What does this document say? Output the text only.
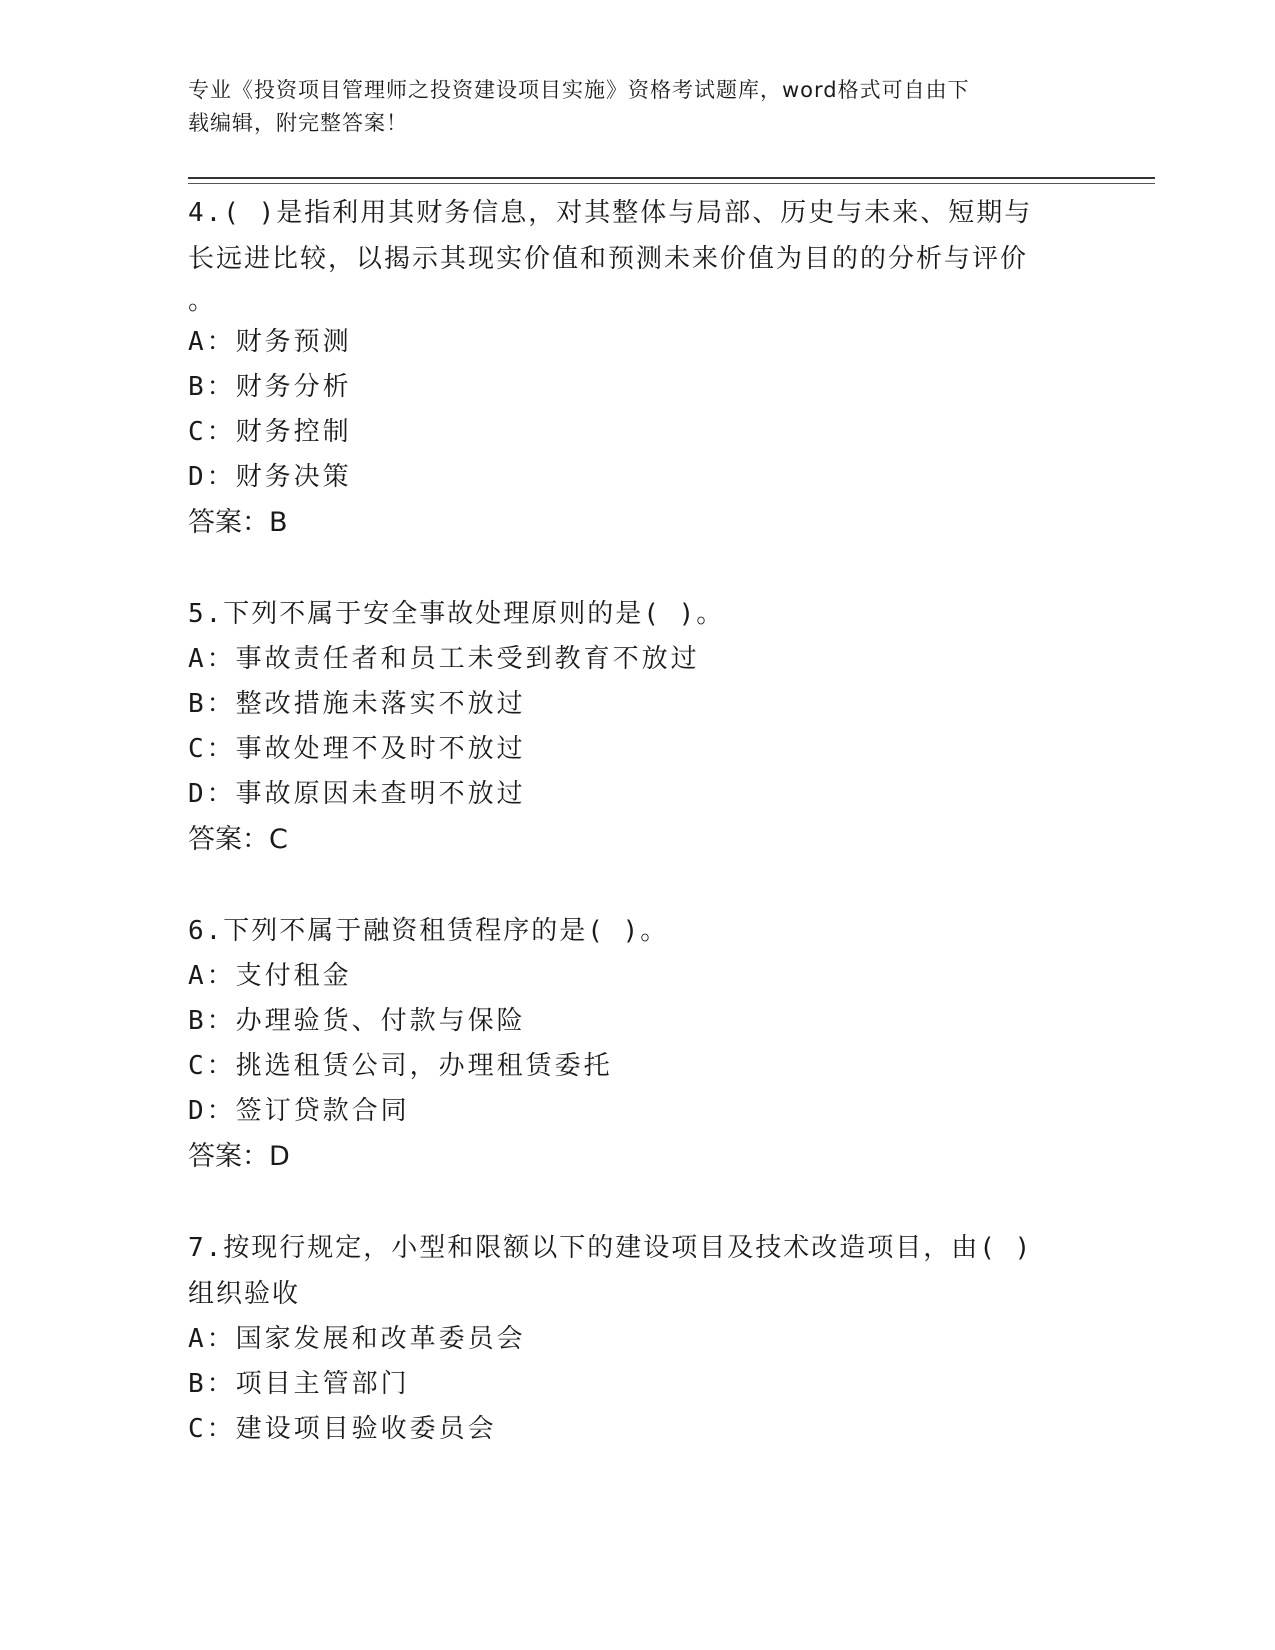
专业《投资项目管理师之投资建设项目实施》资格考试题库，word格式可自由下
载编辑，附完整答案！

4.( )是指利用其财务信息，对其整体与局部、历史与未来、短期与

长远进比较，以揭示其现实价值和预测未来价值为目的的分析与评价

。

A：财务预测

B：财务分析

C：财务控制

D：财务决策

答案：B

5.下列不属于安全事故处理原则的是( )。

A：事故责任者和员工未受到教育不放过

B：整改措施未落实不放过

C：事故处理不及时不放过

D：事故原因未查明不放过

答案：C

6.下列不属于融资租赁程序的是( )。

A：支付租金

B：办理验货、付款与保险

C：挑选租赁公司，办理租赁委托

D：签订贷款合同

答案：D

7.按现行规定，小型和限额以下的建设项目及技术改造项目，由( )

组织验收

A：国家发展和改革委员会

B：项目主管部门

C：建设项目验收委员会
